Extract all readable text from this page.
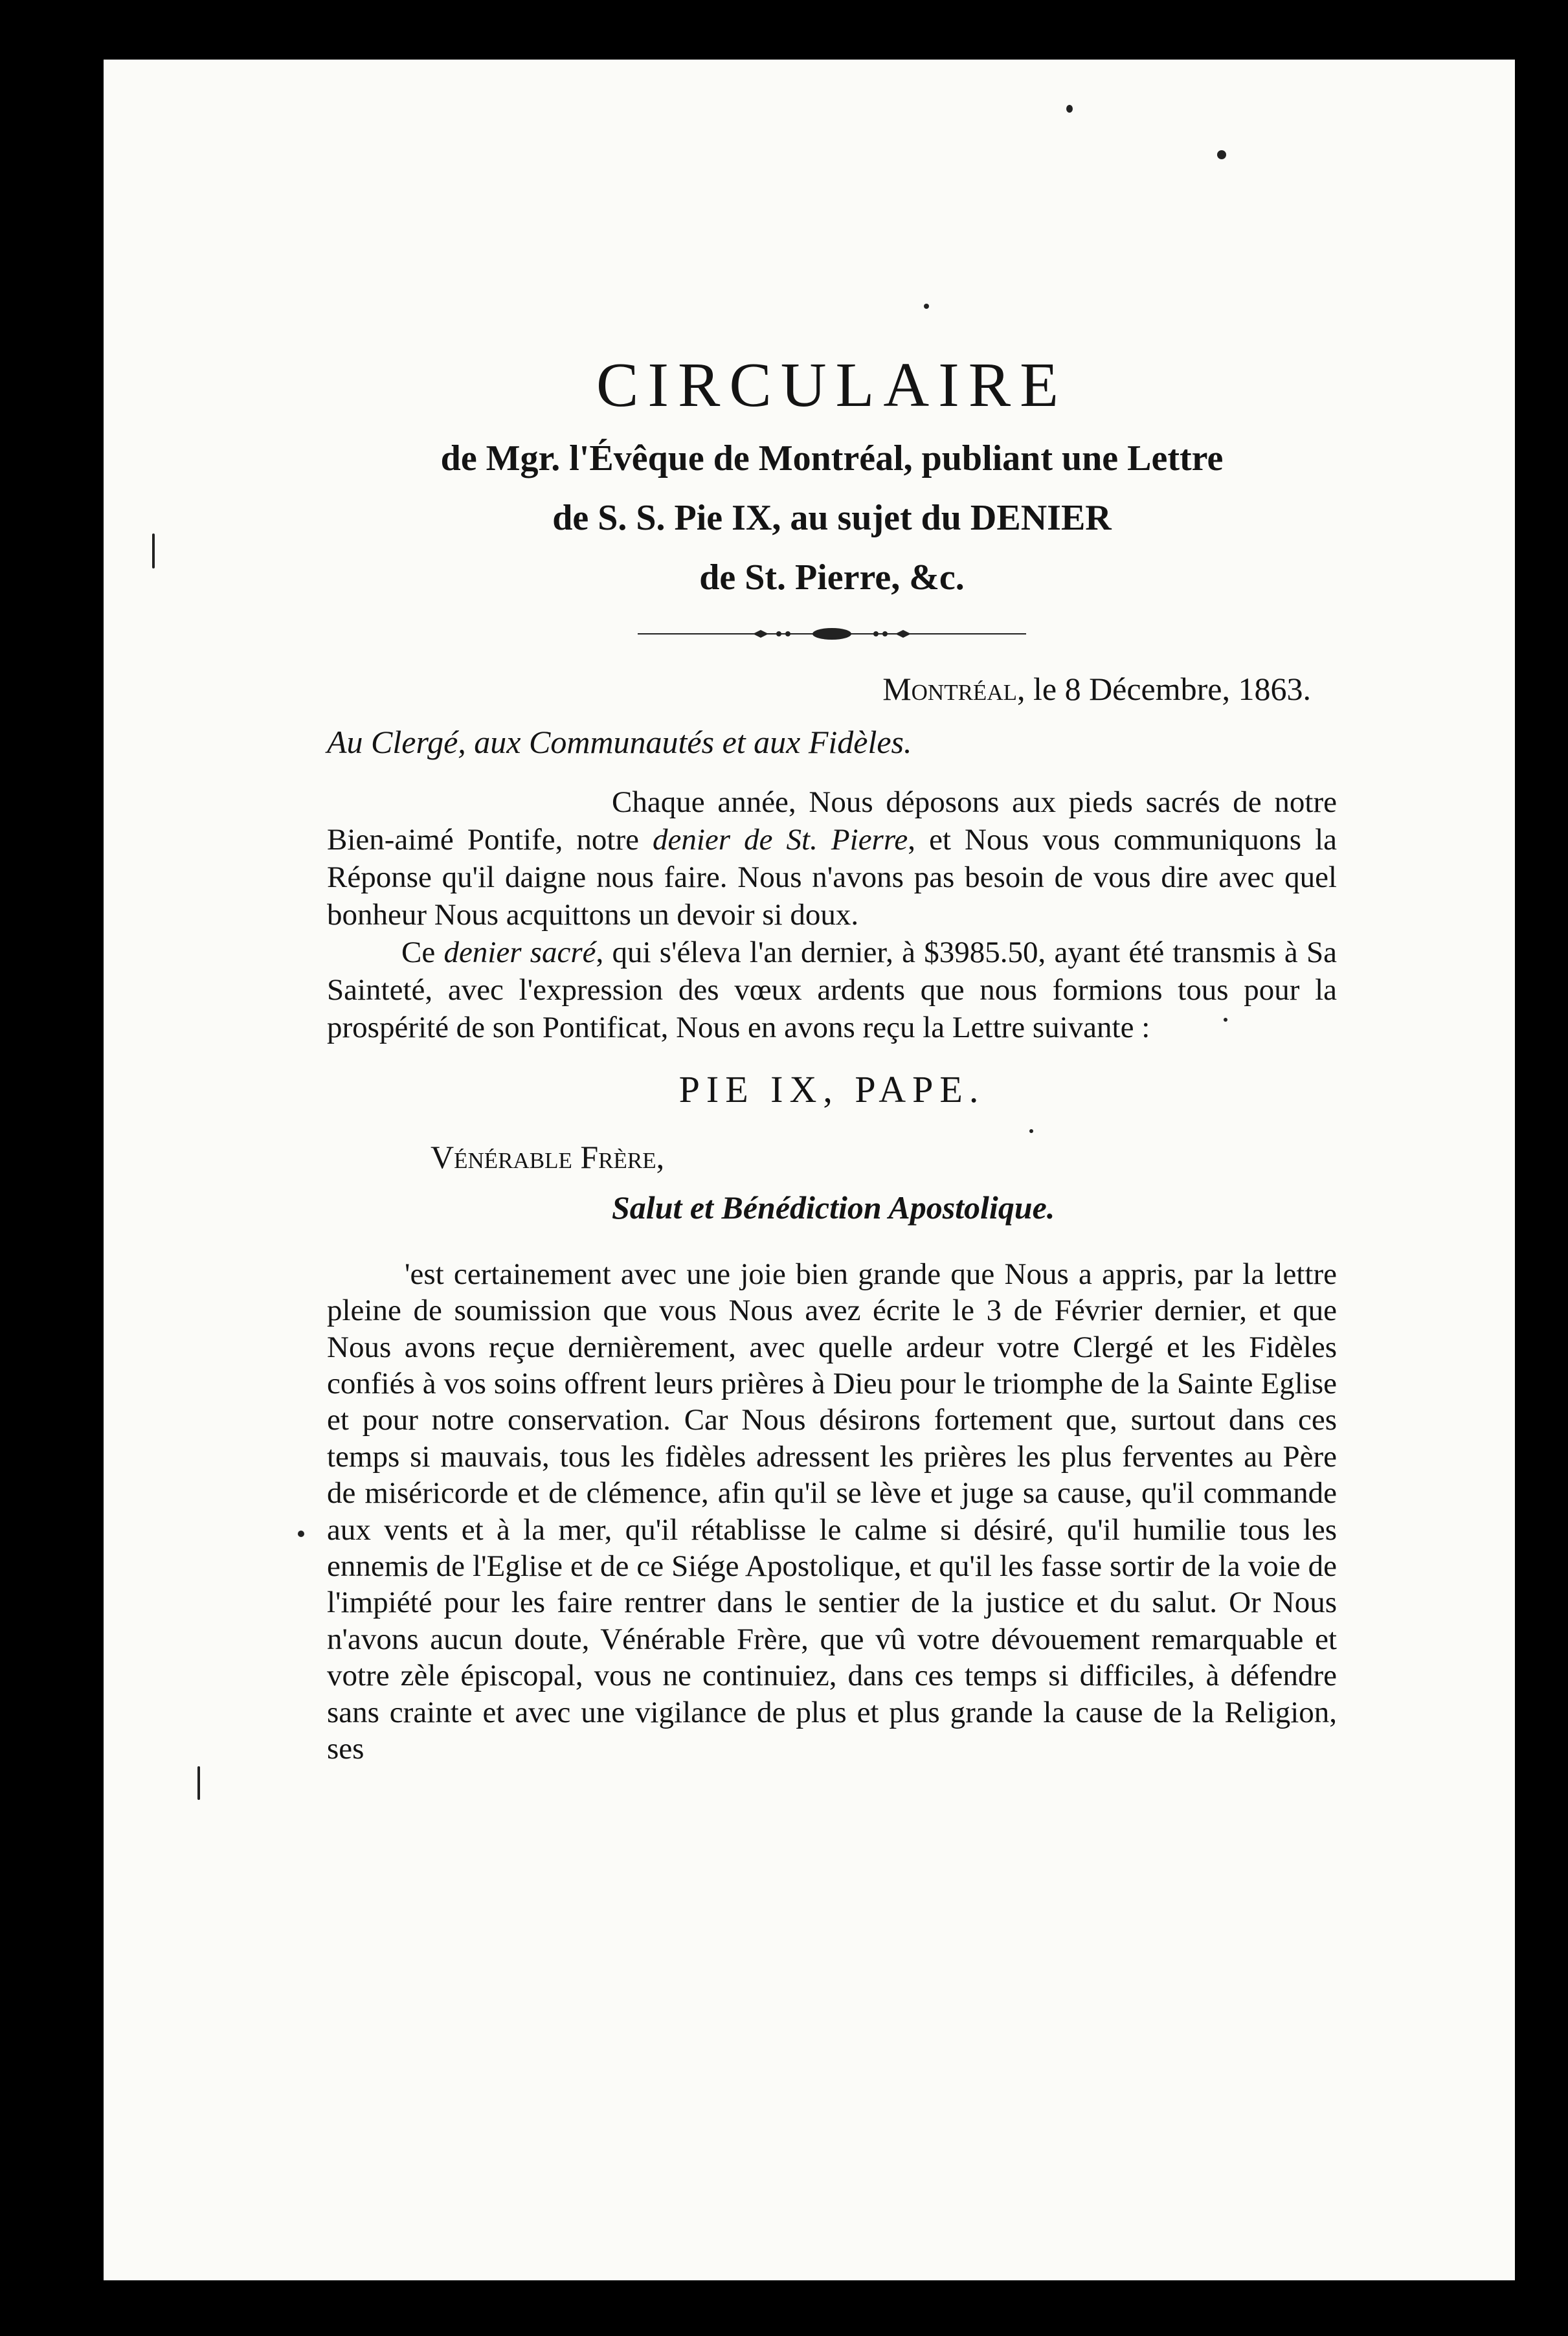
CIRCULAIRE

de Mgr. l'Évêque de Montréal, publiant une Lettre

de S. S. Pie IX, au sujet du DENIER

de St. Pierre, &c.

Montréal, le 8 Décembre, 1863.

Au Clergé, aux Communautés et aux Fidèles.

Chaque année, Nous déposons aux pieds sacrés de notre Bien-aimé Pontife, notre denier de St. Pierre, et Nous vous communiquons la Réponse qu'il daigne nous faire. Nous n'avons pas besoin de vous dire avec quel bonheur Nous acquittons un devoir si doux.

Ce denier sacré, qui s'éleva l'an dernier, à $3985.50, ayant été transmis à Sa Sainteté, avec l'expression des vœux ardents que nous formions tous pour la prospérité de son Pontificat, Nous en avons reçu la Lettre suivante :

PIE IX, PAPE.

Vénérable Frère,

Salut et Bénédiction Apostolique.

'est certainement avec une joie bien grande que Nous a appris, par la lettre pleine de soumission que vous Nous avez écrite le 3 de Février dernier, et que Nous avons reçue dernièrement, avec quelle ardeur votre Clergé et les Fidèles confiés à vos soins offrent leurs prières à Dieu pour le triomphe de la Sainte Eglise et pour notre conservation. Car Nous désirons fortement que, surtout dans ces temps si mauvais, tous les fidèles adressent les prières les plus ferventes au Père de miséricorde et de clémence, afin qu'il se lève et juge sa cause, qu'il commande aux vents et à la mer, qu'il rétablisse le calme si désiré, qu'il humilie tous les ennemis de l'Eglise et de ce Siége Apostolique, et qu'il les fasse sortir de la voie de l'impiété pour les faire rentrer dans le sentier de la justice et du salut. Or Nous n'avons aucun doute, Vénérable Frère, que vû votre dévouement remarquable et votre zèle épiscopal, vous ne continuiez, dans ces temps si difficiles, à défendre sans crainte et avec une vigilance de plus et plus grande la cause de la Religion, ses
